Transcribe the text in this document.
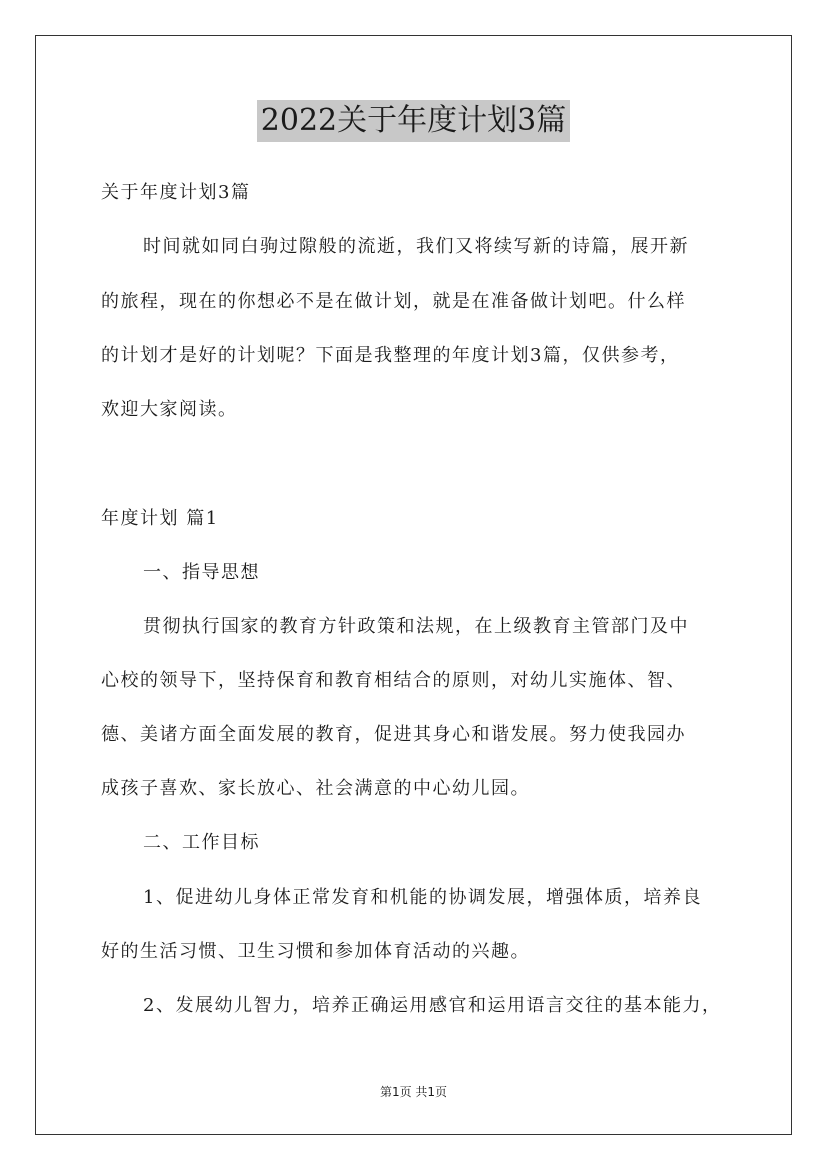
2022关于年度计划3篇
关于年度计划3篇
时间就如同白驹过隙般的流逝，我们又将续写新的诗篇，展开新
的旅程，现在的你想必不是在做计划，就是在准备做计划吧。什么样
的计划才是好的计划呢？下面是我整理的年度计划3篇，仅供参考，
欢迎大家阅读。
年度计划 篇1
一、指导思想
贯彻执行国家的教育方针政策和法规，在上级教育主管部门及中
心校的领导下，坚持保育和教育相结合的原则，对幼儿实施体、智、
德、美诸方面全面发展的教育，促进其身心和谐发展。努力使我园办
成孩子喜欢、家长放心、社会满意的中心幼儿园。
二、工作目标
1、促进幼儿身体正常发育和机能的协调发展，增强体质，培养良
好的生活习惯、卫生习惯和参加体育活动的兴趣。
2、发展幼儿智力，培养正确运用感官和运用语言交往的基本能力，
第1页 共1页
